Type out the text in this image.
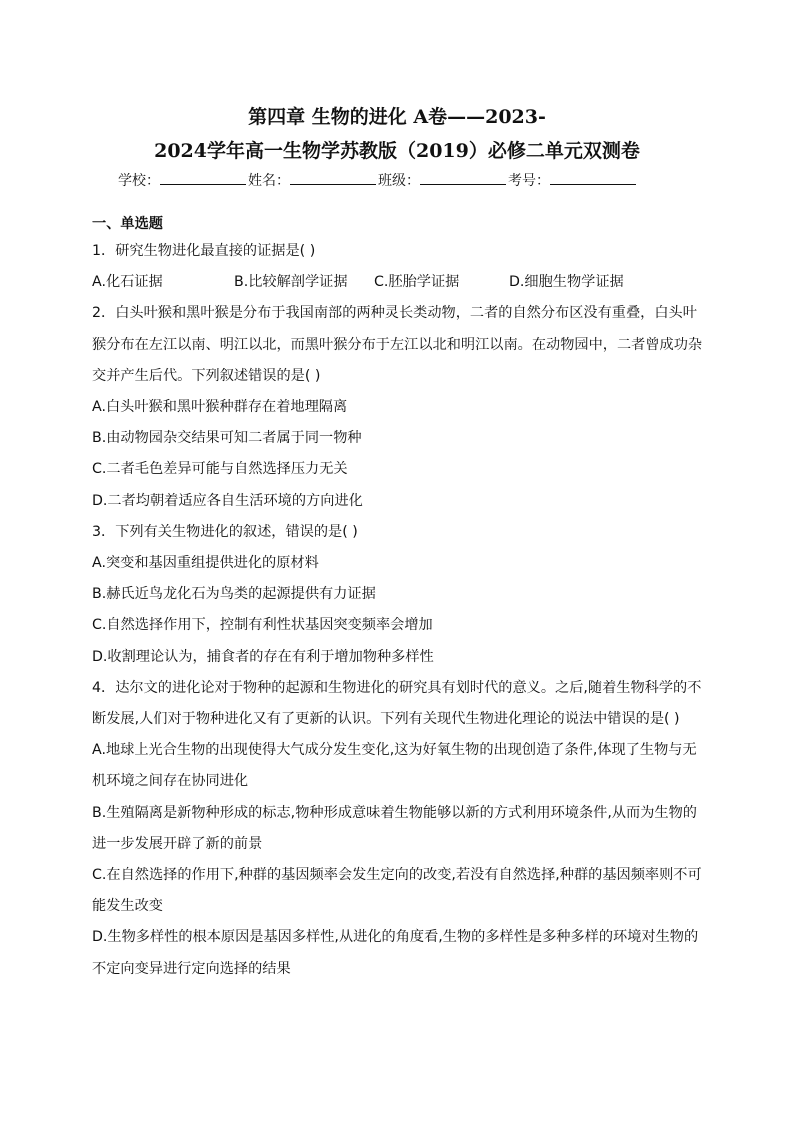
第四章 生物的进化 A卷——2023-
2024学年高一生物学苏教版（2019）必修二单元双测卷
学校：	姓名：	班级：	考号：
一、单选题
1．研究生物进化最直接的证据是( )
A.化石证据	B.比较解剖学证据	C.胚胎学证据	D.细胞生物学证据
2．白头叶猴和黑叶猴是分布于我国南部的两种灵长类动物，二者的自然分布区没有重叠，白头叶猴分布在左江以南、明江以北，而黑叶猴分布于左江以北和明江以南。在动物园中，二者曾成功杂交并产生后代。下列叙述错误的是( )
A.白头叶猴和黑叶猴种群存在着地理隔离
B.由动物园杂交结果可知二者属于同一物种
C.二者毛色差异可能与自然选择压力无关
D.二者均朝着适应各自生活环境的方向进化
3．下列有关生物进化的叙述，错误的是( )
A.突变和基因重组提供进化的原材料
B.赫氏近鸟龙化石为鸟类的起源提供有力证据
C.自然选择作用下，控制有利性状基因突变频率会增加
D.收割理论认为，捕食者的存在有利于增加物种多样性
4．达尔文的进化论对于物种的起源和生物进化的研究具有划时代的意义。之后,随着生物科学的不断发展,人们对于物种进化又有了更新的认识。下列有关现代生物进化理论的说法中错误的是( )
A.地球上光合生物的出现使得大气成分发生变化,这为好氧生物的出现创造了条件,体现了生物与无机环境之间存在协同进化
B.生殖隔离是新物种形成的标志,物种形成意味着生物能够以新的方式利用环境条件,从而为生物的进一步发展开辟了新的前景
C.在自然选择的作用下,种群的基因频率会发生定向的改变,若没有自然选择,种群的基因频率则不可能发生改变
D.生物多样性的根本原因是基因多样性,从进化的角度看,生物的多样性是多种多样的环境对生物的不定向变异进行定向选择的结果
